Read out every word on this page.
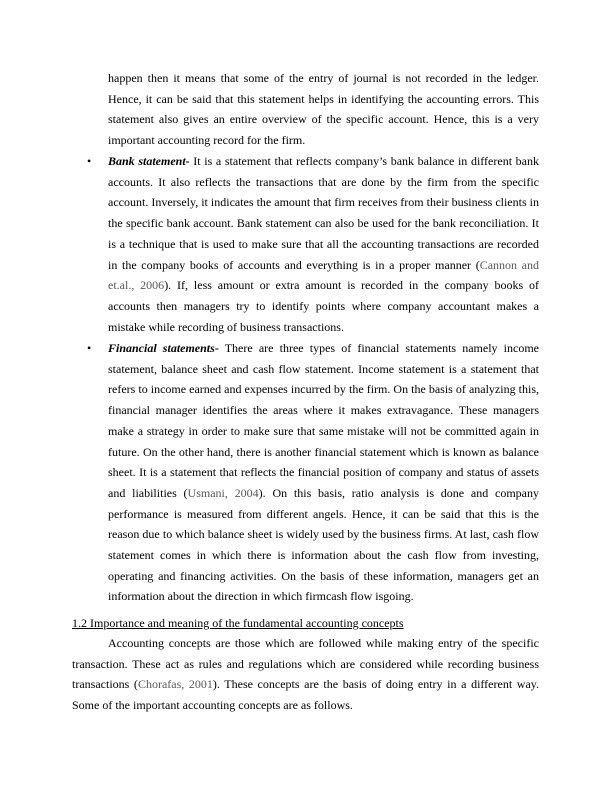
happen then it means that some of the entry of journal is not recorded in the ledger. Hence, it can be said that this statement helps in identifying the accounting errors. This statement also gives an entire overview of the specific account. Hence, this is a very important accounting record for the firm.
• Bank statement- It is a statement that reflects company’s bank balance in different bank accounts. It also reflects the transactions that are done by the firm from the specific account. Inversely, it indicates the amount that firm receives from their business clients in the specific bank account. Bank statement can also be used for the bank reconciliation. It is a technique that is used to make sure that all the accounting transactions are recorded in the company books of accounts and everything is in a proper manner (Cannon and et.al., 2006). If, less amount or extra amount is recorded in the company books of accounts then managers try to identify points where company accountant makes a mistake while recording of business transactions.
• Financial statements- There are three types of financial statements namely income statement, balance sheet and cash flow statement. Income statement is a statement that refers to income earned and expenses incurred by the firm. On the basis of analyzing this, financial manager identifies the areas where it makes extravagance. These managers make a strategy in order to make sure that same mistake will not be committed again in future. On the other hand, there is another financial statement which is known as balance sheet. It is a statement that reflects the financial position of company and status of assets and liabilities (Usmani, 2004). On this basis, ratio analysis is done and company performance is measured from different angels. Hence, it can be said that this is the reason due to which balance sheet is widely used by the business firms. At last, cash flow statement comes in which there is information about the cash flow from investing, operating and financing activities. On the basis of these information, managers get an information about the direction in which firmcash flow isgoing.
1.2 Importance and meaning of the fundamental accounting concepts
Accounting concepts are those which are followed while making entry of the specific transaction. These act as rules and regulations which are considered while recording business transactions (Chorafas, 2001). These concepts are the basis of doing entry in a different way. Some of the important accounting concepts are as follows.
